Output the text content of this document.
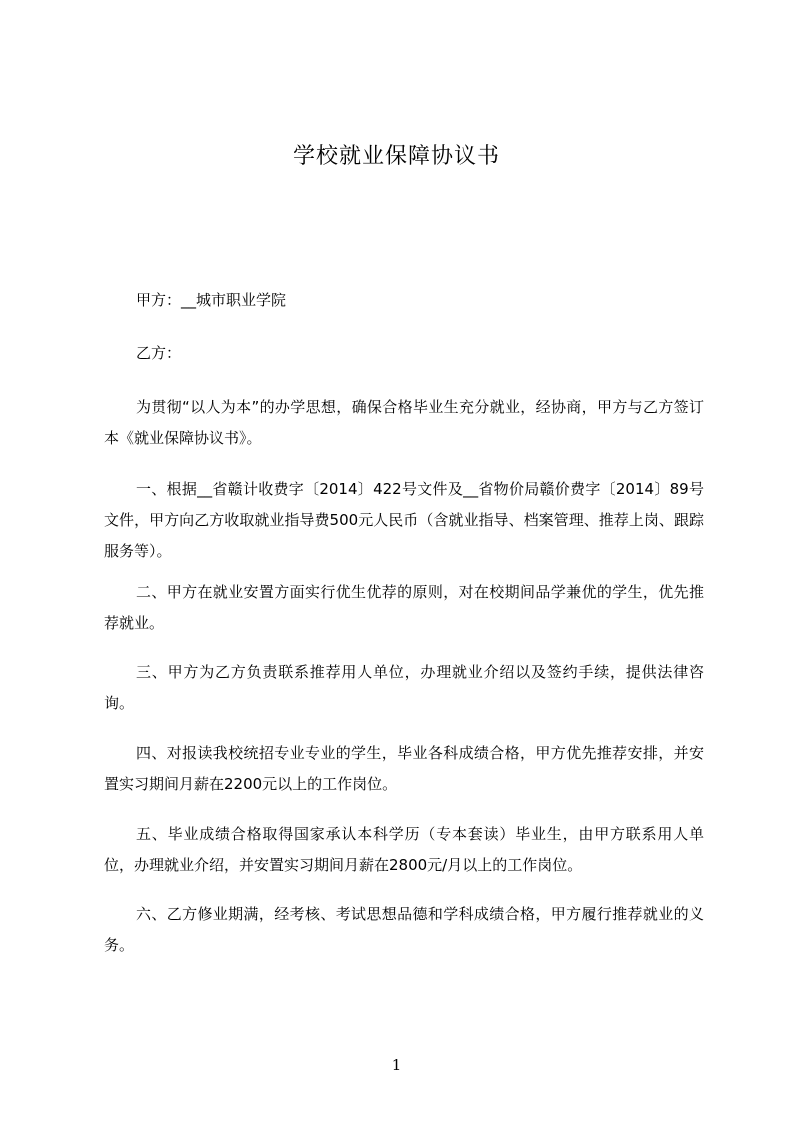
学校就业保障协议书

甲方：__城市职业学院

乙方：

为贯彻“以人为本”的办学思想，确保合格毕业生充分就业，经协商，甲方与乙方签订本《就业保障协议书》。

一、根据__省赣计收费字〔2014〕422号文件及__省物价局赣价费字〔2014〕89号文件，甲方向乙方收取就业指导费500元人民币（含就业指导、档案管理、推荐上岗、跟踪服务等）。

二、甲方在就业安置方面实行优生优荐的原则，对在校期间品学兼优的学生，优先推荐就业。

三、甲方为乙方负责联系推荐用人单位，办理就业介绍以及签约手续，提供法律咨询。

四、对报读我校统招专业专业的学生，毕业各科成绩合格，甲方优先推荐安排，并安置实习期间月薪在2200元以上的工作岗位。

五、毕业成绩合格取得国家承认本科学历（专本套读）毕业生，由甲方联系用人单位，办理就业介绍，并安置实习期间月薪在2800元/月以上的工作岗位。

六、乙方修业期满，经考核、考试思想品德和学科成绩合格，甲方履行推荐就业的义务。

1
